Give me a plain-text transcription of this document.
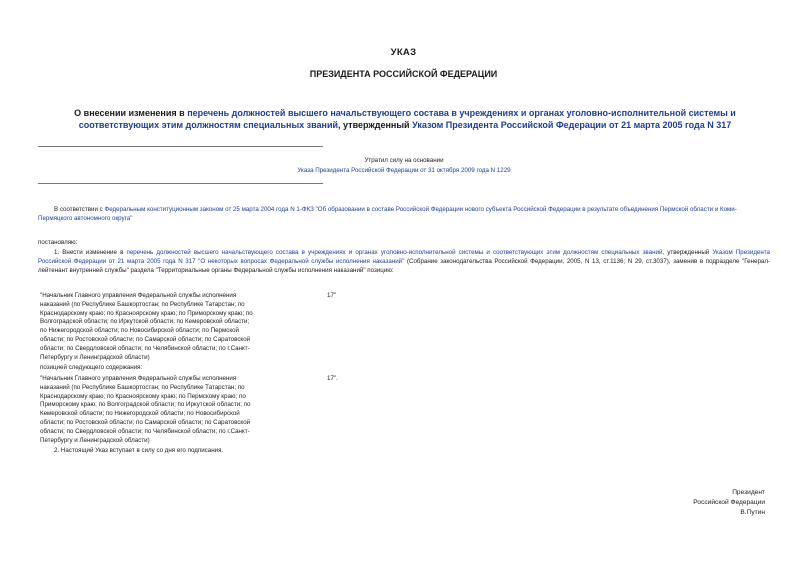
УКАЗ
ПРЕЗИДЕНТА РОССИЙСКОЙ ФЕДЕРАЦИИ
О внесении изменения в перечень должностей высшего начальствующего состава в учреждениях и органах уголовно-исполнительной системы и соответствующих этим должностям специальных званий, утвержденный Указом Президента Российской Федерации от 21 марта 2005 года N 317
Утратил силу на основании
Указа Президента Российской Федерации от 31 октября 2009 года N 1229
В соответствии с Федеральным конституционным законом от 25 марта 2004 года N 1-ФКЗ "Об образовании в составе Российской Федерации нового субъекта Российской Федерации в результате объединения Пермской области и Коми-Пермяцкого автономного округа"
постановляю:
1. Внести изменение в перечень должностей высшего начальствующего состава в учреждениях и органах уголовно-исполнительной системы и соответствующих этим должностям специальных званий, утвержденный Указом Президента Российской Федерации от 21 марта 2005 года N 317 "О некоторых вопросах Федеральной службы исполнения наказаний" (Собрание законодательства Российской Федерации, 2005, N 13, ст.1136; N 29, ст.3037), заменив в подразделе "Генерал-лейтенант внутренней службы" раздела "Территориальные органы Федеральной службы исполнения наказаний" позицию:

"Начальник Главного управления Федеральной службы исполнения

наказаний (по Республике Башкортостан; по Республике Татарстан; по

Краснодарскому краю; по Красноярскому краю; по Приморскому краю; по

Волгоградской области; по Иркутской области; по Кемеровской области;

по Нижегородской области; по Новосибирской области; по Пермской

области; по Ростовской области; по Самарской области; по Саратовской

области; по Свердловской области; по Челябинской области; по г.Санкт-

Петербургу и Ленинградской области)

17"
позицией следующего содержания:

"Начальник Главного управления Федеральной службы исполнения

наказаний (по Республике Башкортостан; по Республике Татарстан; по

Краснодарскому краю; по Красноярскому краю; по Пермскому краю; по

Приморскому краю; по Волгоградской области; по Иркутской области; по

Кемеровской области; по Нижегородской области; по Новосибирской

области; по Ростовской области; по Самарской области; по Саратовской

области; по Свердловской области; по Челябинской области; по г.Санкт-

Петербургу и Ленинградской области)

17".
2. Настоящий Указ вступает в силу со дня его подписания.

Президент

Российской Федерации

В.Путин
